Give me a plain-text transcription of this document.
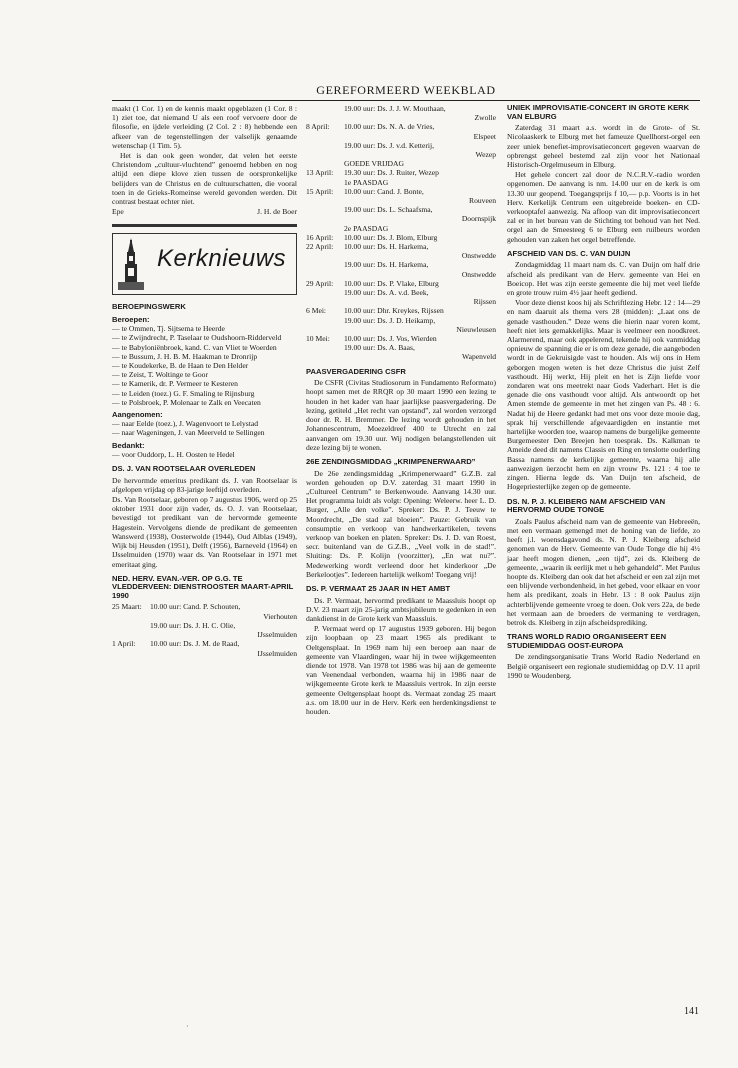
GEREFORMEERD WEEKBLAD

maakt (1 Cor. 1) en de kennis maakt opgeblazen (1 Cor. 8 : 1) ziet toe, dat niemand U als een roof vervoere door de filosofie, en ijdele verleiding (2 Col. 2 : 8) hebbende een afkeer van de tegenstellingen der valselijk genaamde wetenschap (1 Tim. 5).

Het is dan ook geen wonder, dat velen het eerste Christendom „cultuur-vluchtend” genoemd hebben en nog altijd een diepe klove zien tussen de oorspronkelijke belijders van de Christus en de cultuurschatten, die vooral toen in de Grieks-Romeinse wereld gevonden werden. Dit contrast bestaat echter niet.

Epe	J. H. de Boer
Kerknieuws
BEROEPINGSWERK
Beroepen:
— te Ommen, Tj. Sijtsema te Heerde
— te Zwijndrecht, P. Taselaar te Oudshoorn-Ridderveld
— te Babyloniënbroek, kand. C. van Vliet te Woerden
— te Bussum, J. H. B. M. Haakman te Dronrijp
— te Koudekerke, B. de Haan te Den Helder
— te Zeist, T. Woltinge te Goor
— te Kamerik, dr. P. Vermeer te Kesteren
— te Leiden (toez.) G. F. Smaling te Rijnsburg
— te Polsbroek, P. Molenaar te Zalk en Veecaten
Aangenomen:
— naar Eelde (toez.), J. Wagenvoort te Lelystad
— naar Wageningen, J. van Meerveld te Sellingen
Bedankt:
— voor Ouddorp, L. H. Oosten te Hedel
DS. J. VAN ROOTSELAAR OVERLEDEN

De hervormde emeritus predikant ds. J. van Rootselaar is afgelopen vrijdag op 83-jarige leeftijd overleden.

Ds. Van Rootselaar, geboren op 7 augustus 1906, werd op 25 oktober 1931 door zijn vader, ds. O. J. van Rootselaar, bevestigd tot predikant van de hervormde gemeente Hagestein. Vervolgens diende de predikant de gemeenten Wanswerd (1938), Oosterwolde (1944), Oud Alblas (1949), Wijk bij Heusden (1951), Delft (1956), Barneveld (1964) en IJsselmuiden (1970) waar ds. Van Rootselaar in 1971 met emeritaat ging.

NED. HERV. EVAN.-VER. OP G.G. TE VLEDDERVEEN: DIENSTROOSTER MAART-APRIL 1990
25 Maart:	10.00 uur: Cand. P. Schouten,
Vierhouten
19.00 uur: Ds. J. H. C. Olie,
IJsselmuiden
1 April:	10.00 uur: Ds. J. M. de Raad,
IJsselmuiden
19.00 uur: Ds. J. J. W. Mouthaan,
Zwolle
8 April:	10.00 uur: Ds. N. A. de Vries,
Elspeet
19.00 uur: Ds. J. v.d. Ketterij,
Wezep
GOEDE VRIJDAG
13 April:	19.30 uur: Ds. J. Ruiter, Wezep
1e PAASDAG
15 April:	10.00 uur: Cand. J. Bonte,
Rouveen
19.00 uur: Ds. L. Schaafsma,
Doornspijk
2e PAASDAG
16 April:	10.00 uur: Ds. J. Blom, Elburg
22 April:	10.00 uur: Ds. H. Harkema,
Onstwedde
19.00 uur: Ds. H. Harkema,
Onstwedde
29 April:	10.00 uur: Ds. P. Vlake, Elburg
19.00 uur: Ds. A. v.d. Beek,
Rijssen
6 Mei:	10.00 uur: Dhr. Kreykes, Rijssen
19.00 uur: Ds. J. D. Heikamp,
Nieuwleusen
10 Mei:	10.00 uur: Ds. J. Vos, Wierden
19.00 uur: Ds. A. Baas,
Wapenveld
PAASVERGADERING CSFR

De CSFR (Civitas Studiosorum in Fundamento Reformato) hoopt samen met de RRQR op 30 maart 1990 een lezing te houden in het kader van haar jaarlijkse paasvergadering. De lezing, getiteld „Het recht van opstand”, zal worden verzorgd door dr. R. H. Bremmer. De lezing wordt gehouden in het Johannescentrum, Moezeldreef 400 te Utrecht en zal aanvangen om 19.30 uur. Wij nodigen belangstellenden uit deze lezing bij te wonen.

26E ZENDINGSMIDDAG „KRIMPENERWAARD”

De 26e zendingsmiddag „Krimpenerwaard” G.Z.B. zal worden gehouden op D.V. zaterdag 31 maart 1990 in „Cultureel Centrum” te Berkenwoude. Aanvang 14.30 uur. Het programma luidt als volgt: Opening: Weleerw. heer L. D. Burger, „Alle den volke”. Spreker: Ds. P. J. Teeuw te Moordrecht, „De stad zal bloeien”. Pauze: Gebruik van consumptie en verkoop van handwerkartikelen, tevens verkoop van boeken en platen. Spreker: Ds. J. D. van Roest, secr. buitenland van de G.Z.B., „Veel volk in de stad!”. Sluiting: Ds. P. Kolijn (voorzitter), „En wat nu?”. Medewerking wordt verleend door het kinderkoor „De Berkelootjes”. Iedereen hartelijk welkom! Toegang vrij!

DS. P. VERMAAT 25 JAAR IN HET AMBT

Ds. P. Vermaat, hervormd predikant te Maassluis hoopt op D.V. 23 maart zijn 25-jarig ambtsjubileum te gedenken in een dankdienst in de Grote kerk van Maassluis.

P. Vermaat werd op 17 augustus 1939 geboren. Hij begon zijn loopbaan op 23 maart 1965 als predikant te Oeltgensplaat. In 1969 nam hij een beroep aan naar de gemeente van Vlaardingen, waar hij in twee wijkgemeenten diende tot 1978. Van 1978 tot 1986 was hij aan de gemeente van Veenendaal verbonden, waarna hij in 1986 naar de wijkgemeente Grote kerk te Maassluis vertrok. In zijn eerste gemeente Oeltgensplaat hoopt ds. Vermaat zondag 25 maart a.s. om 18.00 uur in de Herv. Kerk een herdenkingsdienst te houden.

UNIEK IMPROVISATIE-CONCERT IN GROTE KERK VAN ELBURG

Zaterdag 31 maart a.s. wordt in de Grote- of St. Nicolaaskerk te Elburg met het fameuze Quellhorst-orgel een zeer uniek benefiet-improvisatieconcert gegeven waarvan de opbrengst geheel bestemd zal zijn voor het Nationaal Historisch-Orgelmuseum in Elburg.

Het gehele concert zal door de N.C.R.V.-radio worden opgenomen. De aanvang is nm. 14.00 uur en de kerk is om 13.30 uur geopend. Toegangsprijs f 10,— p.p. Voorts is in het Herv. Kerkelijk Centrum een uitgebreide boeken- en CD-verkooptafel aanwezig. Na afloop van dit improvisatieconcert zal er in het bureau van de Stichting tot behoud van het Ned. orgel aan de Smeesteeg 6 te Elburg een ruilbeurs worden gehouden van zaken het orgel betreffende.

AFSCHEID VAN DS. C. VAN DUIJN

Zondagmiddag 11 maart nam ds. C. van Duijn om half drie afscheid als predikant van de Herv. gemeente van Hei en Boeicop. Het was zijn eerste gemeente die hij met veel liefde en grote trouw ruim 4½ jaar heeft gediend.

Voor deze dienst koos hij als Schriftlezing Hebr. 12 : 14—29 en nam daaruit als thema vers 28 (midden): „Laat ons de genade vasthouden.” Deze wens die hierin naar voren komt, heeft niet iets gemakkelijks. Maar is veelmeer een noodkreet. Alarmerend, maar ook appelerend, tekende hij ook vanmiddag opnieuw de spanning die er is om deze genade, die aangeboden wordt in de Gekruisigde vast te houden. Als wij ons in Hem geborgen mogen weten is het deze Christus die juist Zelf vasthoudt. Hij werkt, Hij pleit en het is Zijn liefde voor zondaren wat ons meetrekt naar Gods Vaderhart. Het is die genade die ons vasthoudt voor altijd. Als antwoordt op het Amen stemde de gemeente in met het zingen van Ps. 48 : 6. Nadat hij de Heere gedankt had met ons voor deze mooie dag, sprak hij verschillende afgevaardigden en instantie met hartelijke woorden toe, waarop namens de burgelijke gemeente Burgemeester Den Breejen hen toesprak. Ds. Kalkman te Ameide deed dit namens Classis en Ring en tenslotte ouderling Bassa namens de kerkelijke gemeente, waarna hij alle aanwezigen ùerzocht hem en zijn vrouw Ps. 121 : 4 toe te zingen. Hierna legde ds. Van Duijn ten afscheid, de Hogepriesterlijke zegen op de gemeente.

DS. N. P. J. KLEIBERG NAM AFSCHEID VAN HERVORMD OUDE TONGE

Zoals Paulus afscheid nam van de gemeente van Hebreeën, met een vermaan gemengd met de honing van de liefde, zo heeft j.l. woensdagavond ds. N. P. J. Kleiberg afscheid genomen van de Herv. Gemeente van Oude Tonge die hij 4½ jaar heeft mogen dienen, „een tijd”, zei ds. Kleiberg de gemeente, „waarin ik eerlijk met u heb gehandeld”. Met Paulus hoopte ds. Kleiberg dan ook dat het afscheid er een zal zijn met een blijvende verbondenheid, in het gebed, voor elkaar en voor hem als predikant, zoals in Hebr. 13 : 8 ook Paulus zijn achterblijvende gemeente vroeg te doen. Ook vers 22a, de bede het vermaan aan de broeders de vermaning te verdragen, betrok ds. Kleiberg in zijn afscheidsprediking.

TRANS WORLD RADIO ORGANISEERT EEN STUDIEMIDDAG OOST-EUROPA

De zendingsorganisatie Trans World Radio Nederland en België organiseert een regionale studiemiddag op D.V. 11 april 1990 te Woudenberg.

141
·
